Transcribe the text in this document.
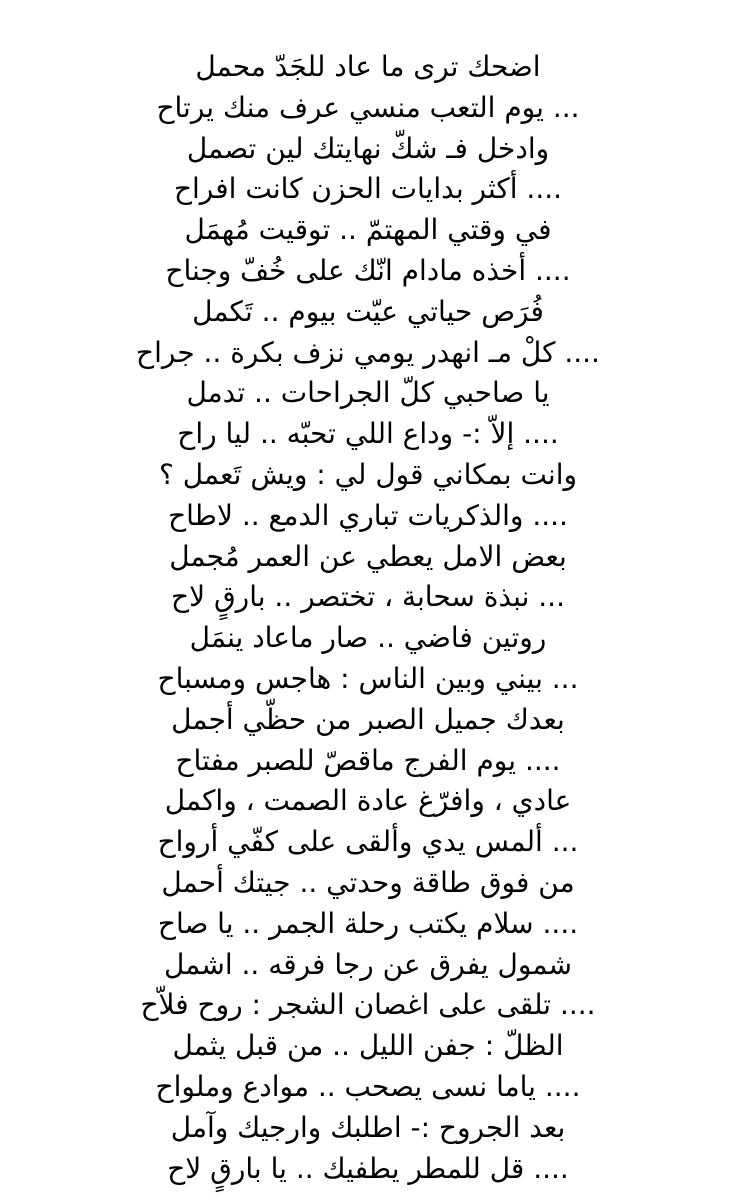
اضحك ترى ما عاد للجَدّ محمل
... يوم التعب منسي عرف منك يرتاح
وادخل فـ شكّ نهايتك لين تصمل
.... أكثر بدايات الحزن كانت افراح
في وقتي المهتمّ .. توقيت مُهمَل
.... أخذه مادام انّك على خُفّ وجناح
فُرَص حياتي عيّت بيوم .. تَكمل
.... كلْ مـ انهدر يومي نزف بكرة .. جراح
يا صاحبي كلّ الجراحات .. تدمل
.... إلاّ :- وداع اللي تحبّه .. ليا راح
وانت بمكاني قول لي : ويش تَعمل ؟
.... والذكريات تباري الدمع .. لاطاح
بعض الامل يعطي عن العمر مُجمل
... نبذة سحابة ، تختصر .. بارقٍ لاح
روتين فاضي .. صار ماعاد ينمَل
... بيني وبين الناس : هاجس ومسباح
بعدك جميل الصبر من حظّي أجمل
.... يوم الفرج ماقصّ للصبر مفتاح
عادي ، وافرّغ عادة الصمت ، واكمل
... ألمس يدي وألقى على كفّي أرواح
من فوق طاقة وحدتي .. جيتك أحمل
.... سلام يكتب رحلة الجمر .. يا صاح
شمول يفرق عن رجا فرقه .. اشمل
.... تلقى على اغصان الشجر : روح فلاّح
الظلّ : جفن الليل .. من قبل يثمل
.... ياما نسى يصحب .. موادع وملواح
بعد الجروح :- اطلبك وارجيك وآمل
.... قل للمطر يطفيك .. يا بارقٍ لاح
